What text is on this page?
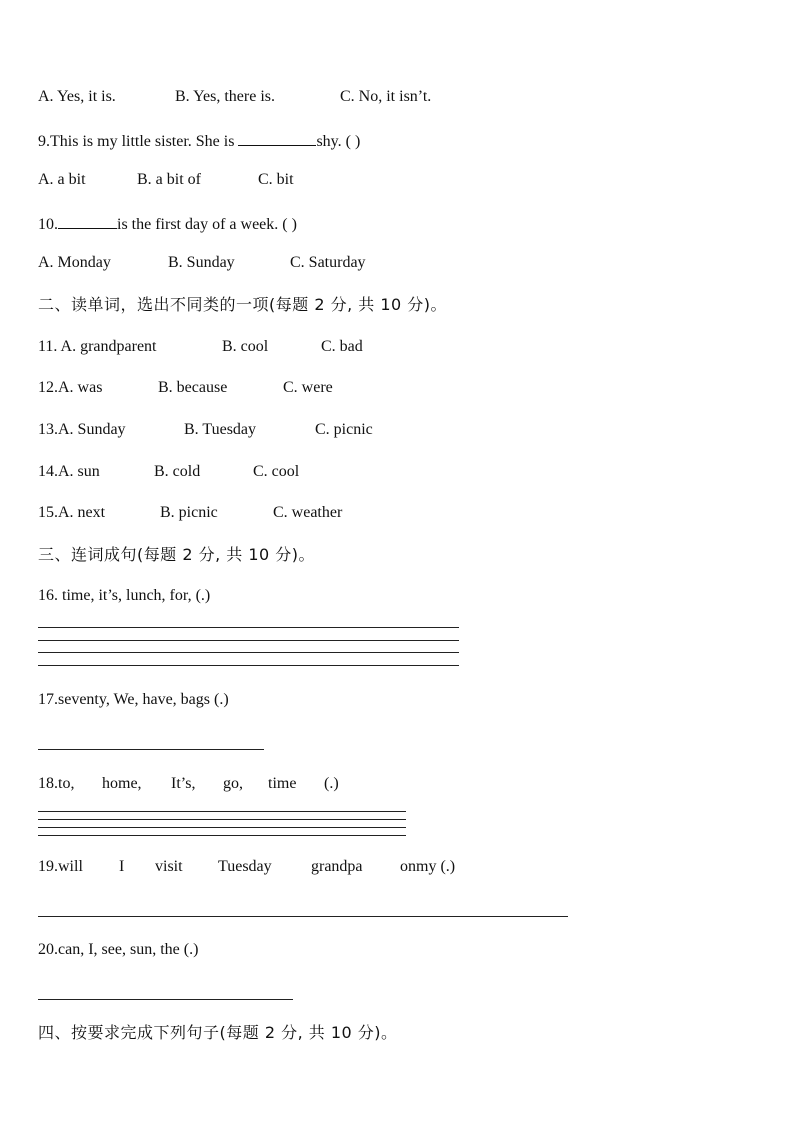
A. Yes, it is.	B. Yes, there is.	C. No, it isn’t.
9.This is my little sister. She is	shy. ( )
A. a bit	B. a bit of	C. bit
10.	is the first day of a week. ( )
A. Monday	B. Sunday	C. Saturday
二、读单词，选出不同类的一项(每题 2 分, 共 10 分)。
11. A. grandparent	B. cool	C. bad
12.A. was	B. because	C. were
13.A. Sunday	B. Tuesday	C. picnic
14.A. sun	B. cold	C. cool
15.A. next	B. picnic	C. weather
三、连词成句(每题 2 分, 共 10 分)。
16. time, it’s, lunch, for, (.)
17.seventy, We, have, bags (.)
18.to, home, It’s, go, time (.)
19.will I visit Tuesday grandpa onmy (.)
20.can, I, see, sun, the (.)
四、按要求完成下列句子(每题 2 分, 共 10 分)。
